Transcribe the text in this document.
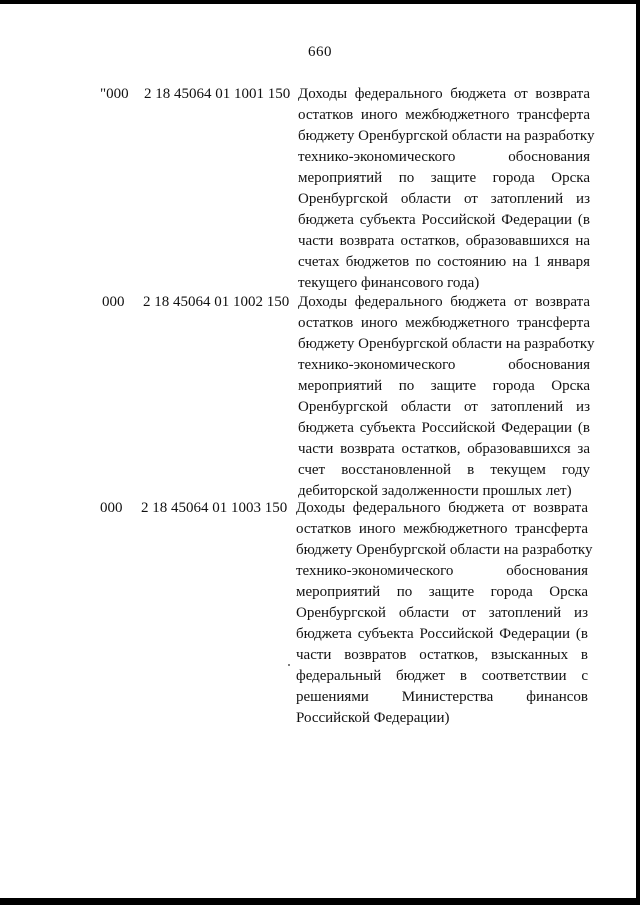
660
"000 2 18 45064 01 1001 150 Доходы федерального бюджета от возврата
остатков иного межбюджетного трансферта
бюджету Оренбургской области на разработку
технико-экономического обоснования
мероприятий по защите города Орска
Оренбургской области от затоплений из
бюджета субъекта Российской Федерации (в
части возврата остатков, образовавшихся на
счетах бюджетов по состоянию на 1 января
текущего финансового года)
000 2 18 45064 01 1002 150 Доходы федерального бюджета от возврата
остатков иного межбюджетного трансферта
бюджету Оренбургской области на разработку
технико-экономического обоснования
мероприятий по защите города Орска
Оренбургской области от затоплений из
бюджета субъекта Российской Федерации (в
части возврата остатков, образовавшихся за
счет восстановленной в текущем году
дебиторской задолженности прошлых лет)
000 2 18 45064 01 1003 150 Доходы федерального бюджета от возврата
остатков иного межбюджетного трансферта
бюджету Оренбургской области на разработку
технико-экономического обоснования
мероприятий по защите города Орска
Оренбургской области от затоплений из
бюджета субъекта Российской Федерации (в
части возвратов остатков, взысканных в
федеральный бюджет в соответствии с
решениями Министерства финансов
Российской Федерации)
